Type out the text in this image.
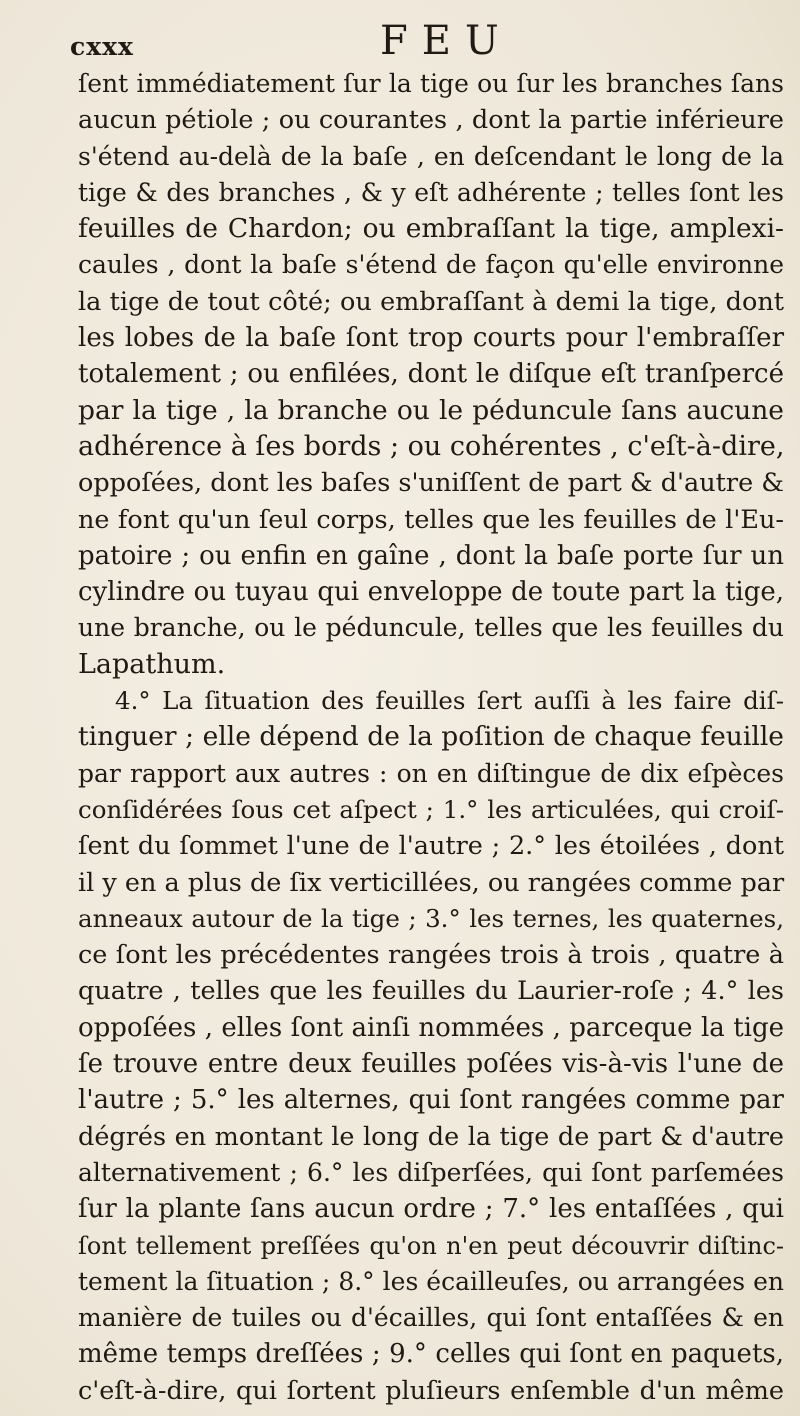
cxxx	FEU
ſent immédiatement ſur la tige ou ſur les branches ſans
aucun pétiole ; ou courantes , dont la partie inférieure
s'étend au-delà de la baſe , en deſcendant le long de la
tige & des branches , & y eſt adhérente ; telles ſont les
feuilles de Chardon; ou embraſſant la tige, amplexi-
caules , dont la baſe s'étend de façon qu'elle environne
la tige de tout côté; ou embraſſant à demi la tige, dont
les lobes de la baſe ſont trop courts pour l'embraſſer
totalement ; ou enfilées, dont le diſque eſt tranſpercé
par la tige , la branche ou le péduncule ſans aucune
adhérence à ſes bords ; ou cohérentes , c'eſt-à-dire,
oppoſées, dont les baſes s'uniſſent de part & d'autre &
ne font qu'un ſeul corps, telles que les feuilles de l'Eu-
patoire ; ou enfin en gaîne , dont la baſe porte ſur un
cylindre ou tuyau qui enveloppe de toute part la tige,
une branche, ou le péduncule, telles que les feuilles du
Lapathum.
4.° La ſituation des feuilles ſert auſſi à les faire diſ-
tinguer ; elle dépend de la poſition de chaque feuille
par rapport aux autres : on en diſtingue de dix eſpèces
conſidérées ſous cet aſpect ; 1.° les articulées, qui croiſ-
ſent du ſommet l'une de l'autre ; 2.° les étoilées , dont
il y en a plus de ſix verticillées, ou rangées comme par
anneaux autour de la tige ; 3.° les ternes, les quaternes,
ce ſont les précédentes rangées trois à trois , quatre à
quatre , telles que les feuilles du Laurier-roſe ; 4.° les
oppoſées , elles ſont ainſi nommées , parceque la tige
ſe trouve entre deux feuilles poſées vis-à-vis l'une de
l'autre ; 5.° les alternes, qui ſont rangées comme par
dégrés en montant le long de la tige de part & d'autre
alternativement ; 6.° les diſperſées, qui ſont parſemées
ſur la plante ſans aucun ordre ; 7.° les entaſſées , qui
ſont tellement preſſées qu'on n'en peut découvrir diſtinc-
tement la ſituation ; 8.° les écailleuſes, ou arrangées en
manière de tuiles ou d'écailles, qui ſont entaſſées & en
même temps dreſſées ; 9.° celles qui ſont en paquets,
c'eſt-à-dire, qui ſortent pluſieurs enſemble d'un même
